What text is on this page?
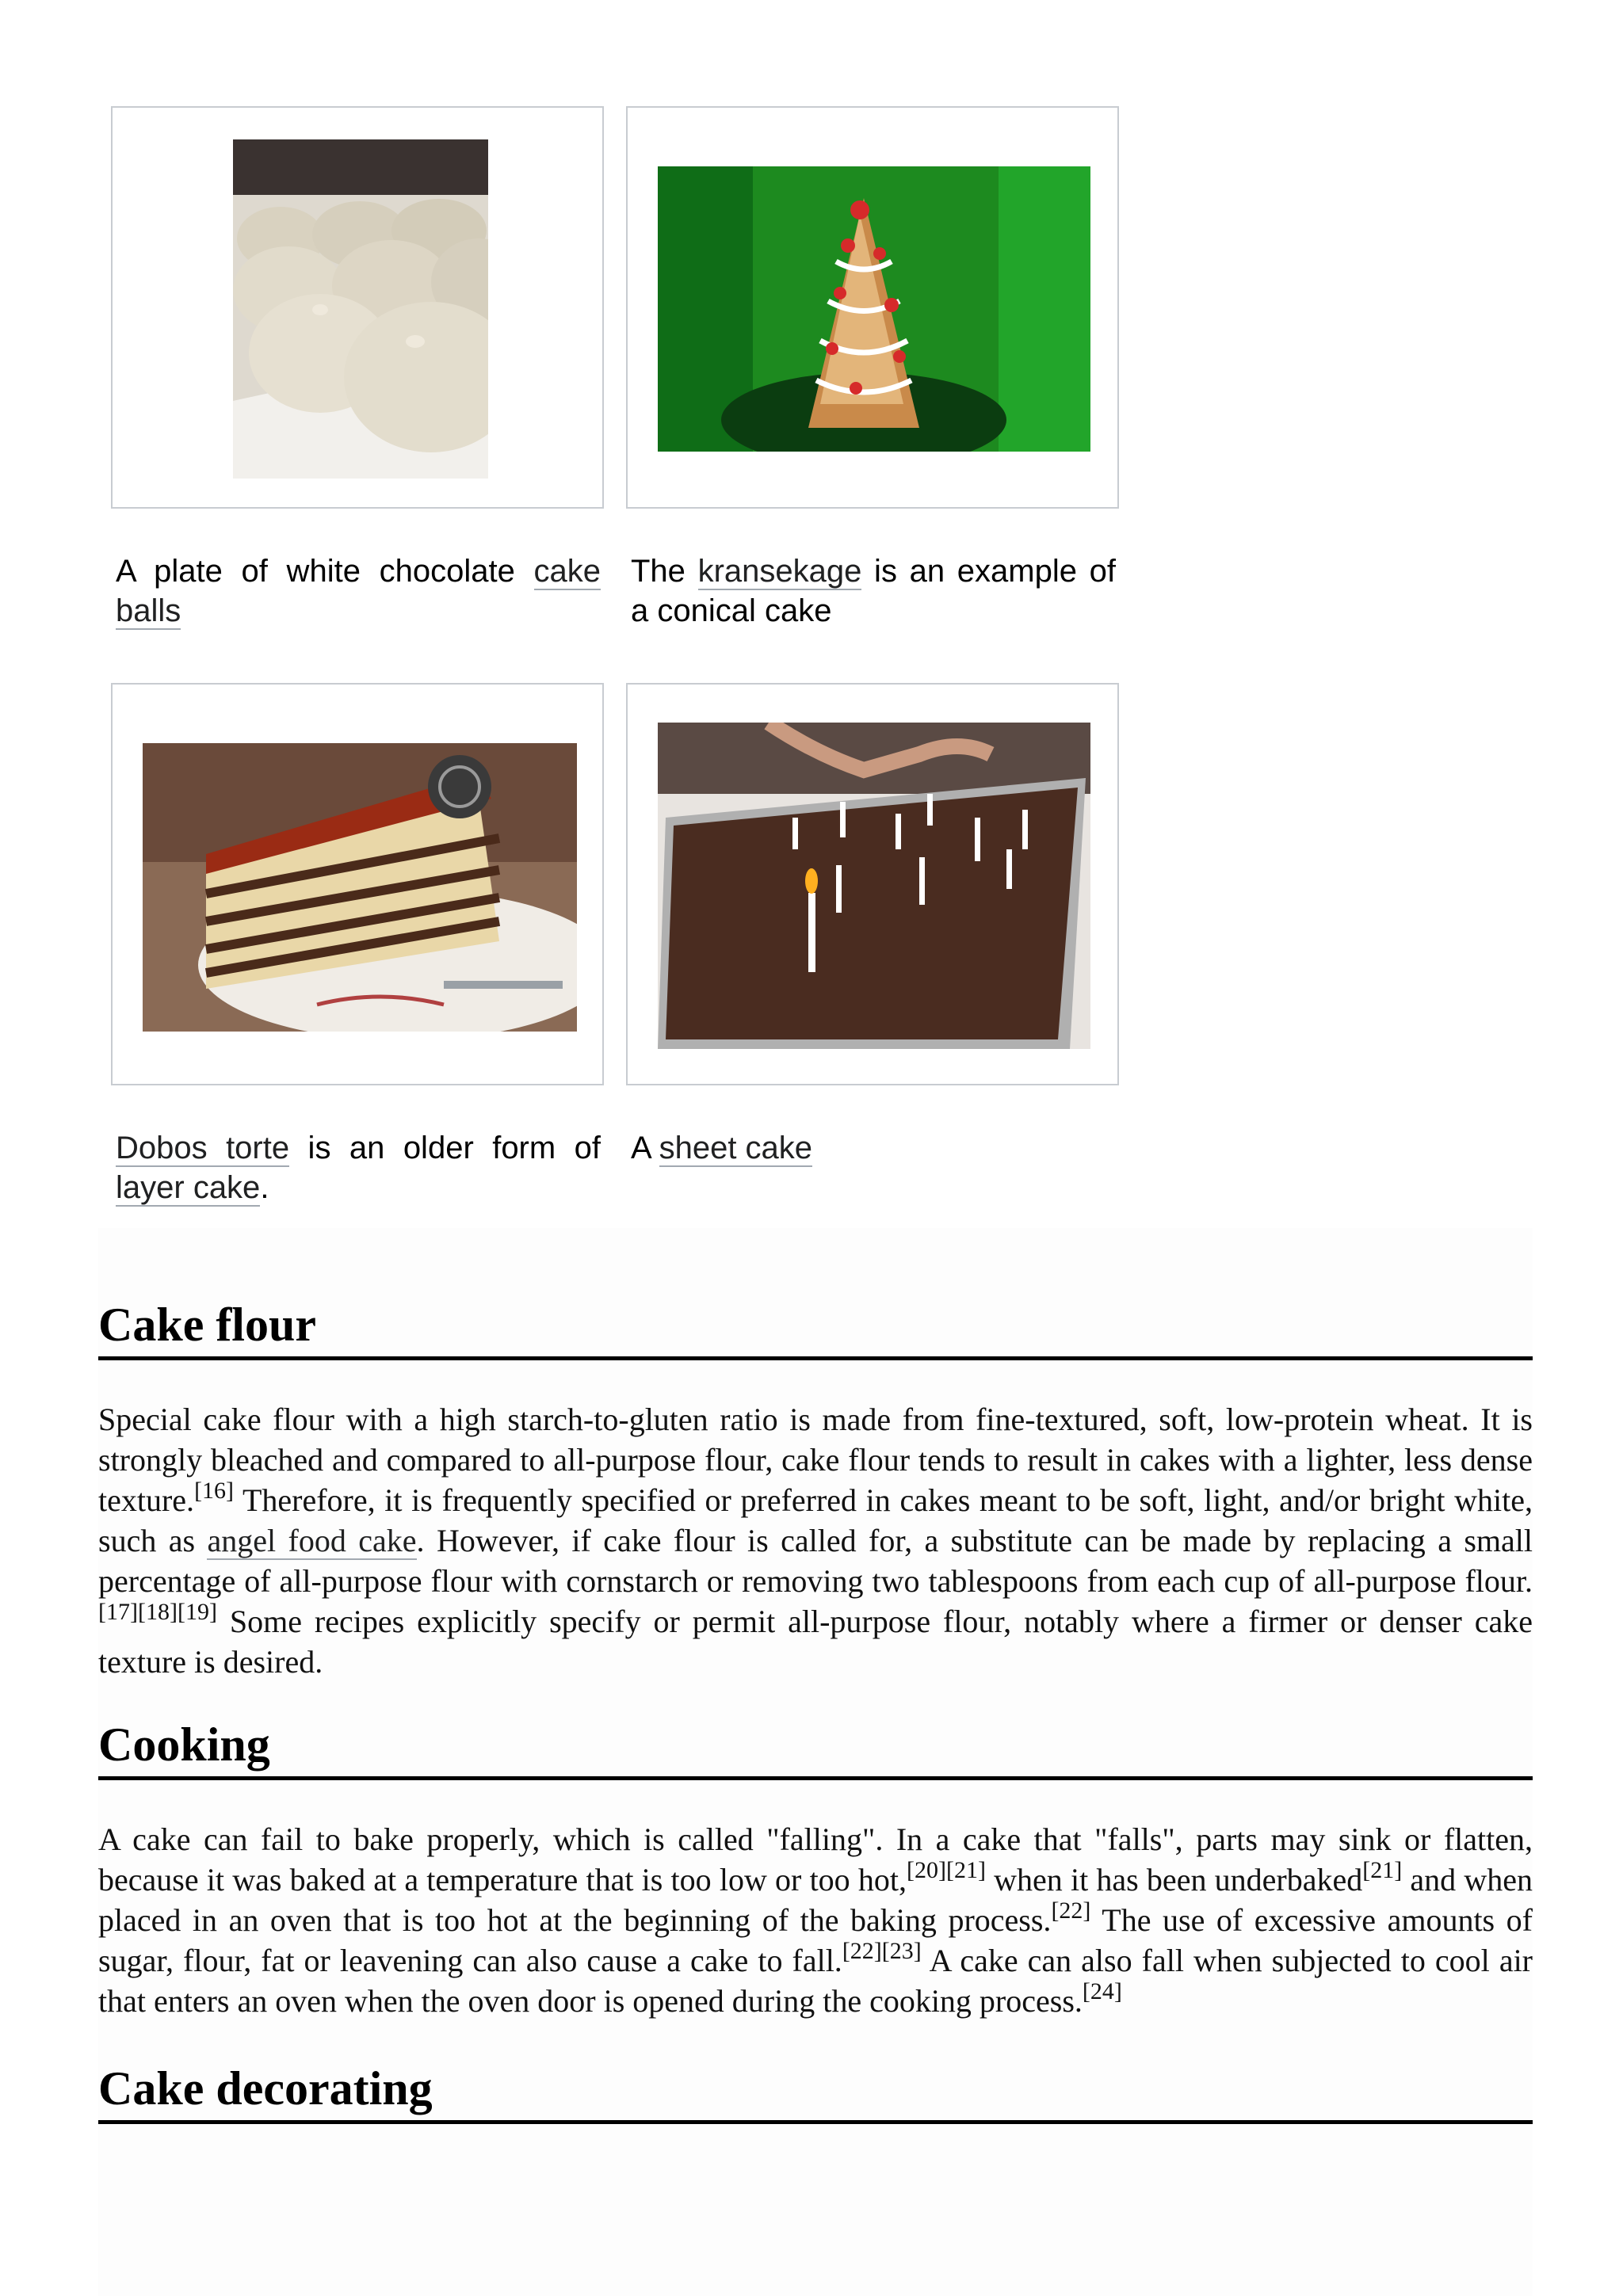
A plate of white chocolate cake balls
The kransekage is an example of a conical cake
Dobos torte is an older form of layer cake.
A sheet cake
Cake flour

Special cake flour with a high starch-to-gluten ratio is made from fine-textured, soft, low-protein wheat. It is strongly bleached and compared to all-purpose flour, cake flour tends to result in cakes with a lighter, less dense texture.[16] Therefore, it is frequently specified or preferred in cakes meant to be soft, light, and/or bright white, such as angel food cake. However, if cake flour is called for, a substitute can be made by replacing a small percentage of all-purpose flour with cornstarch or removing two tablespoons from each cup of all-purpose flour.[17][18][19] Some recipes explicitly specify or permit all-purpose flour, notably where a firmer or denser cake texture is desired.

Cooking

A cake can fail to bake properly, which is called "falling". In a cake that "falls", parts may sink or flatten, because it was baked at a temperature that is too low or too hot,[20][21] when it has been underbaked[21] and when placed in an oven that is too hot at the beginning of the baking process.[22] The use of excessive amounts of sugar, flour, fat or leavening can also cause a cake to fall.[22][23] A cake can also fall when subjected to cool air that enters an oven when the oven door is opened during the cooking process.[24]

Cake decorating
